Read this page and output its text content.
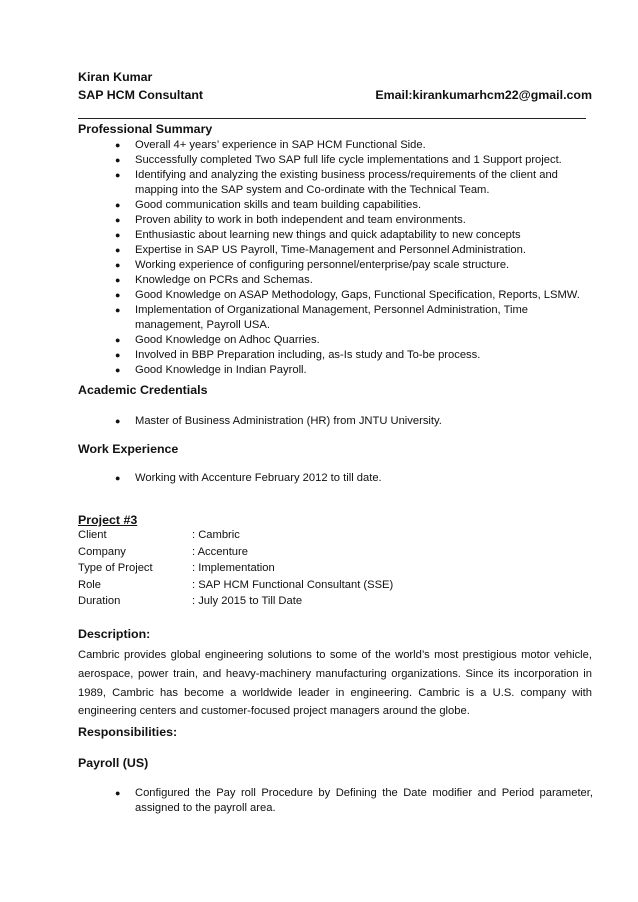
Kiran Kumar
SAP HCM Consultant	Email:kirankumarhcm22@gmail.com
Professional Summary
● Overall 4+ years’ experience in SAP HCM Functional Side.
● Successfully completed Two SAP full life cycle implementations and 1 Support project.
● Identifying and analyzing the existing business process/requirements of the client and mapping into the SAP system and Co-ordinate with the Technical Team.
● Good communication skills and team building capabilities.
● Proven ability to work in both independent and team environments.
● Enthusiastic about learning new things and quick adaptability to new concepts
● Expertise in SAP US Payroll, Time-Management and Personnel Administration.
● Working experience of configuring personnel/enterprise/pay scale structure.
● Knowledge on PCRs and Schemas.
● Good Knowledge on ASAP Methodology, Gaps, Functional Specification, Reports, LSMW.
● Implementation of Organizational Management, Personnel Administration, Time management, Payroll USA.
● Good Knowledge on Adhoc Quarries.
● Involved in BBP Preparation including, as-Is study and To-be process.
● Good Knowledge in Indian Payroll.
Academic Credentials
● Master of Business Administration (HR) from JNTU University.
Work Experience
● Working with Accenture February 2012 to till date.
Project #3
Client	: Cambric
Company	: Accenture
Type of Project	: Implementation
Role	: SAP HCM Functional Consultant (SSE)
Duration	: July 2015 to Till Date
Description:
Cambric provides global engineering solutions to some of the world’s most prestigious motor vehicle, aerospace, power train, and heavy-machinery manufacturing organizations. Since its incorporation in 1989, Cambric has become a worldwide leader in engineering. Cambric is a U.S. company with engineering centers and customer-focused project managers around the globe.
Responsibilities:
Payroll (US)
● Configured the Pay roll Procedure by Defining the Date modifier and Period parameter, assigned to the payroll area.
